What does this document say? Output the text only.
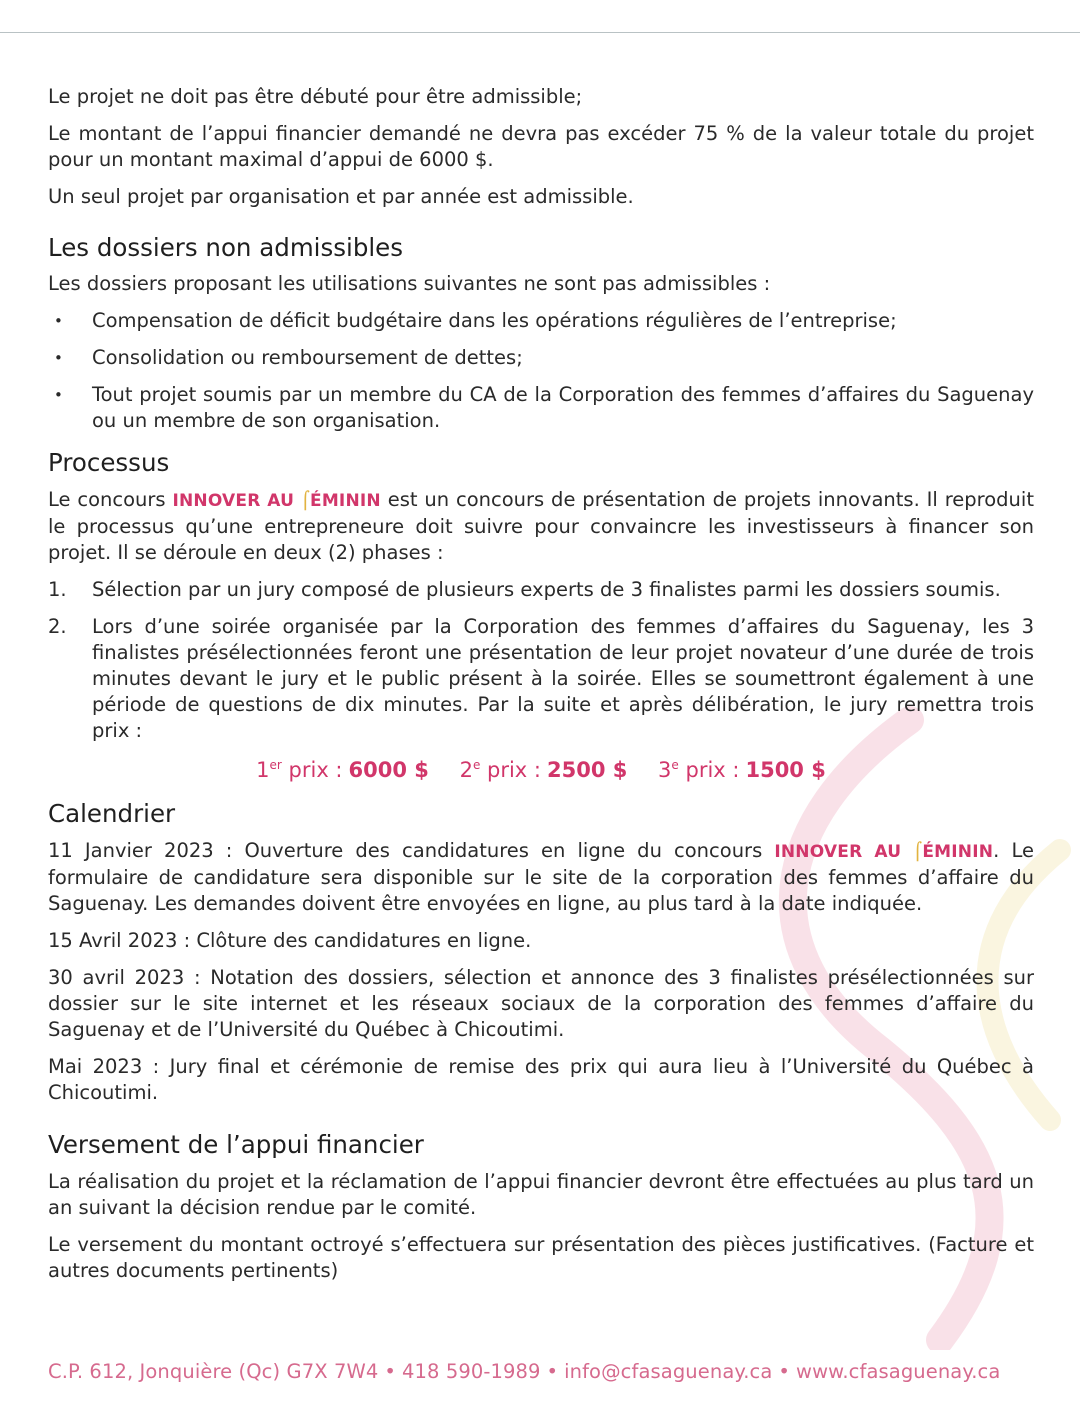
Le projet ne doit pas être débuté pour être admissible;

Le montant de l’appui financier demandé ne devra pas excéder 75 % de la valeur totale du projet pour un montant maximal d’appui de 6000 $.

Un seul projet par organisation et par année est admissible.

Les dossiers non admissibles

Les dossiers proposant les utilisations suivantes ne sont pas admissibles :

• Compensation de déficit budgétaire dans les opérations régulières de l’entreprise;
• Consolidation ou remboursement de dettes;
• Tout projet soumis par un membre du CA de la Corporation des femmes d’affaires du Saguenay ou un membre de son organisation.
Processus

Le concours INNOVER AU ⌠ÉMININ est un concours de présentation de projets innovants. Il reproduit le processus qu’une entrepreneure doit suivre pour convaincre les investisseurs à financer son projet. Il se déroule en deux (2) phases :

1. Sélection par un jury composé de plusieurs experts de 3 finalistes parmi les dossiers soumis.
2. Lors d’une soirée organisée par la Corporation des femmes d’affaires du Saguenay, les 3 finalistes présélectionnées feront une présentation de leur projet novateur d’une durée de trois minutes devant le jury et le public présent à la soirée. Elles se soumettront également à une période de questions de dix minutes. Par la suite et après délibération, le jury remettra trois prix :
1er prix : 6000 $ 2e prix : 2500 $ 3e prix : 1500 $
Calendrier

11 Janvier 2023 : Ouverture des candidatures en ligne du concours INNOVER AU ⌠ÉMININ. Le formulaire de candidature sera disponible sur le site de la corporation des femmes d’affaire du Saguenay. Les demandes doivent être envoyées en ligne, au plus tard à la date indiquée.

15 Avril 2023 : Clôture des candidatures en ligne.

30 avril 2023 : Notation des dossiers, sélection et annonce des 3 finalistes présélectionnées sur dossier sur le site internet et les réseaux sociaux de la corporation des femmes d’affaire du Saguenay et de l’Université du Québec à Chicoutimi.

Mai 2023 : Jury final et cérémonie de remise des prix qui aura lieu à l’Université du Québec à Chicoutimi.

Versement de l’appui financier

La réalisation du projet et la réclamation de l’appui financier devront être effectuées au plus tard un an suivant la décision rendue par le comité.

Le versement du montant octroyé s’effectuera sur présentation des pièces justificatives. (Facture et autres documents pertinents)

C.P. 612, Jonquière (Qc) G7X 7W4 • 418 590-1989 • info@cfasaguenay.ca • www.cfasaguenay.ca
